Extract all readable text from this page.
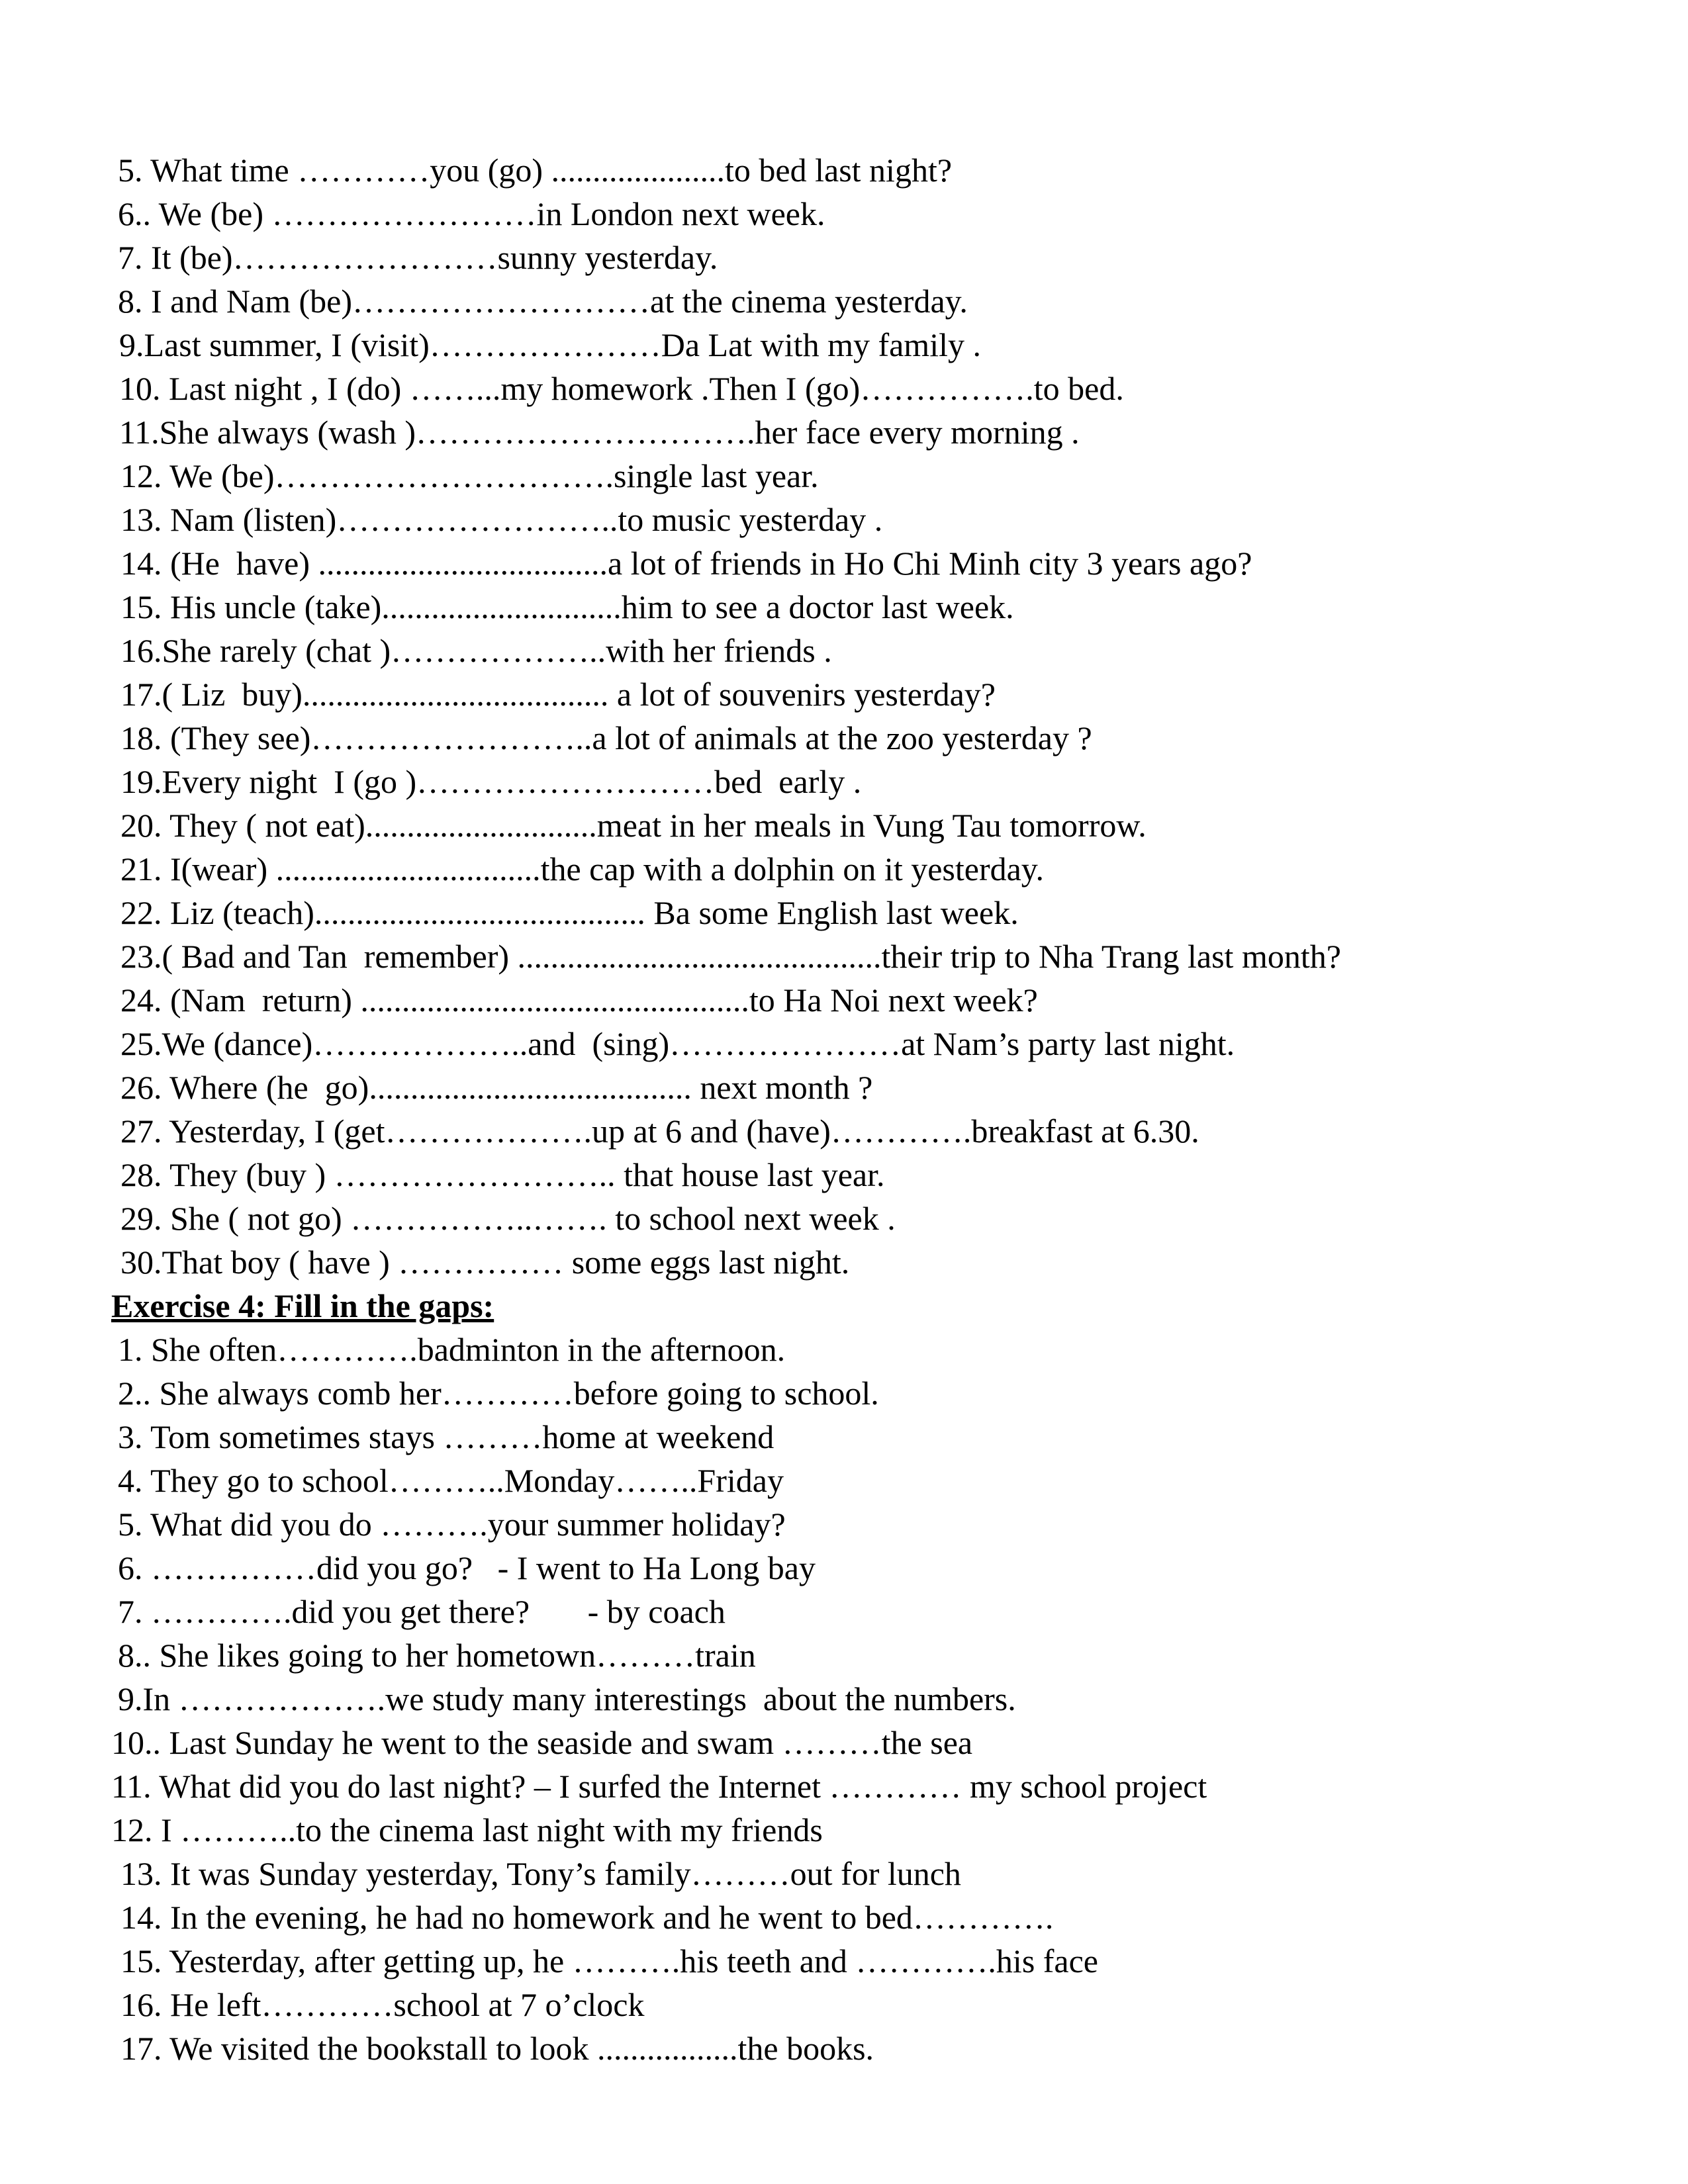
5. What time …………you (go) .....................to bed last night?
6.. We (be) ……………………in London next week.
7. It (be)……………………sunny yesterday.
8. I and Nam (be)………………………at the cinema yesterday.
9.Last summer, I (visit)…………………Da Lat with my family .
10. Last night , I (do) ……...my homework .Then I (go)…………….to bed.
11.She always (wash )………………………….her face every morning .
12. We (be)………………………….single last year.
13. Nam (listen)……………………..to music yesterday .
14. (He  have) ...................................a lot of friends in Ho Chi Minh city 3 years ago?
15. His uncle (take).............................him to see a doctor last week.
16.She rarely (chat )………………..with her friends .
17.( Liz  buy)..................................... a lot of souvenirs yesterday?
18. (They see)……………………..a lot of animals at the zoo yesterday ?
19.Every night  I (go )………………………bed  early .
20. They ( not eat)............................meat in her meals in Vung Tau tomorrow.
21. I(wear) ................................the cap with a dolphin on it yesterday.
22. Liz (teach)........................................ Ba some English last week.
23.( Bad and Tan  remember) ............................................their trip to Nha Trang last month?
24. (Nam  return) ...............................................to Ha Noi next week?
25.We (dance)………………..and  (sing)…………………at Nam’s party last night.
26. Where (he  go)....................................... next month ?
27. Yesterday, I (get……………….up at 6 and (have)………….breakfast at 6.30.
28. They (buy ) …………………….. that house last year.
29. She ( not go) ……………..……. to school next week .
30.That boy ( have ) …………… some eggs last night.
Exercise 4: Fill in the gaps:
1. She often………….badminton in the afternoon.
2.. She always comb her…………before going to school.
3. Tom sometimes stays ………home at weekend
4. They go to school………..Monday……..Friday
5. What did you do ……….your summer holiday?
6. ……………did you go?   - I went to Ha Long bay
7. ………….did you get there?       - by coach
8.. She likes going to her hometown………train
9.In ……………….we study many interestings  about the numbers.
10.. Last Sunday he went to the seaside and swam ………the sea
11. What did you do last night? – I surfed the Internet ………… my school project
12. I ………..to the cinema last night with my friends
13. It was Sunday yesterday, Tony’s family………out for lunch
14. In the evening, he had no homework and he went to bed………….
15. Yesterday, after getting up, he ……….his teeth and ………….his face
16. He left…………school at 7 o’clock
17. We visited the bookstall to look .................the books.
